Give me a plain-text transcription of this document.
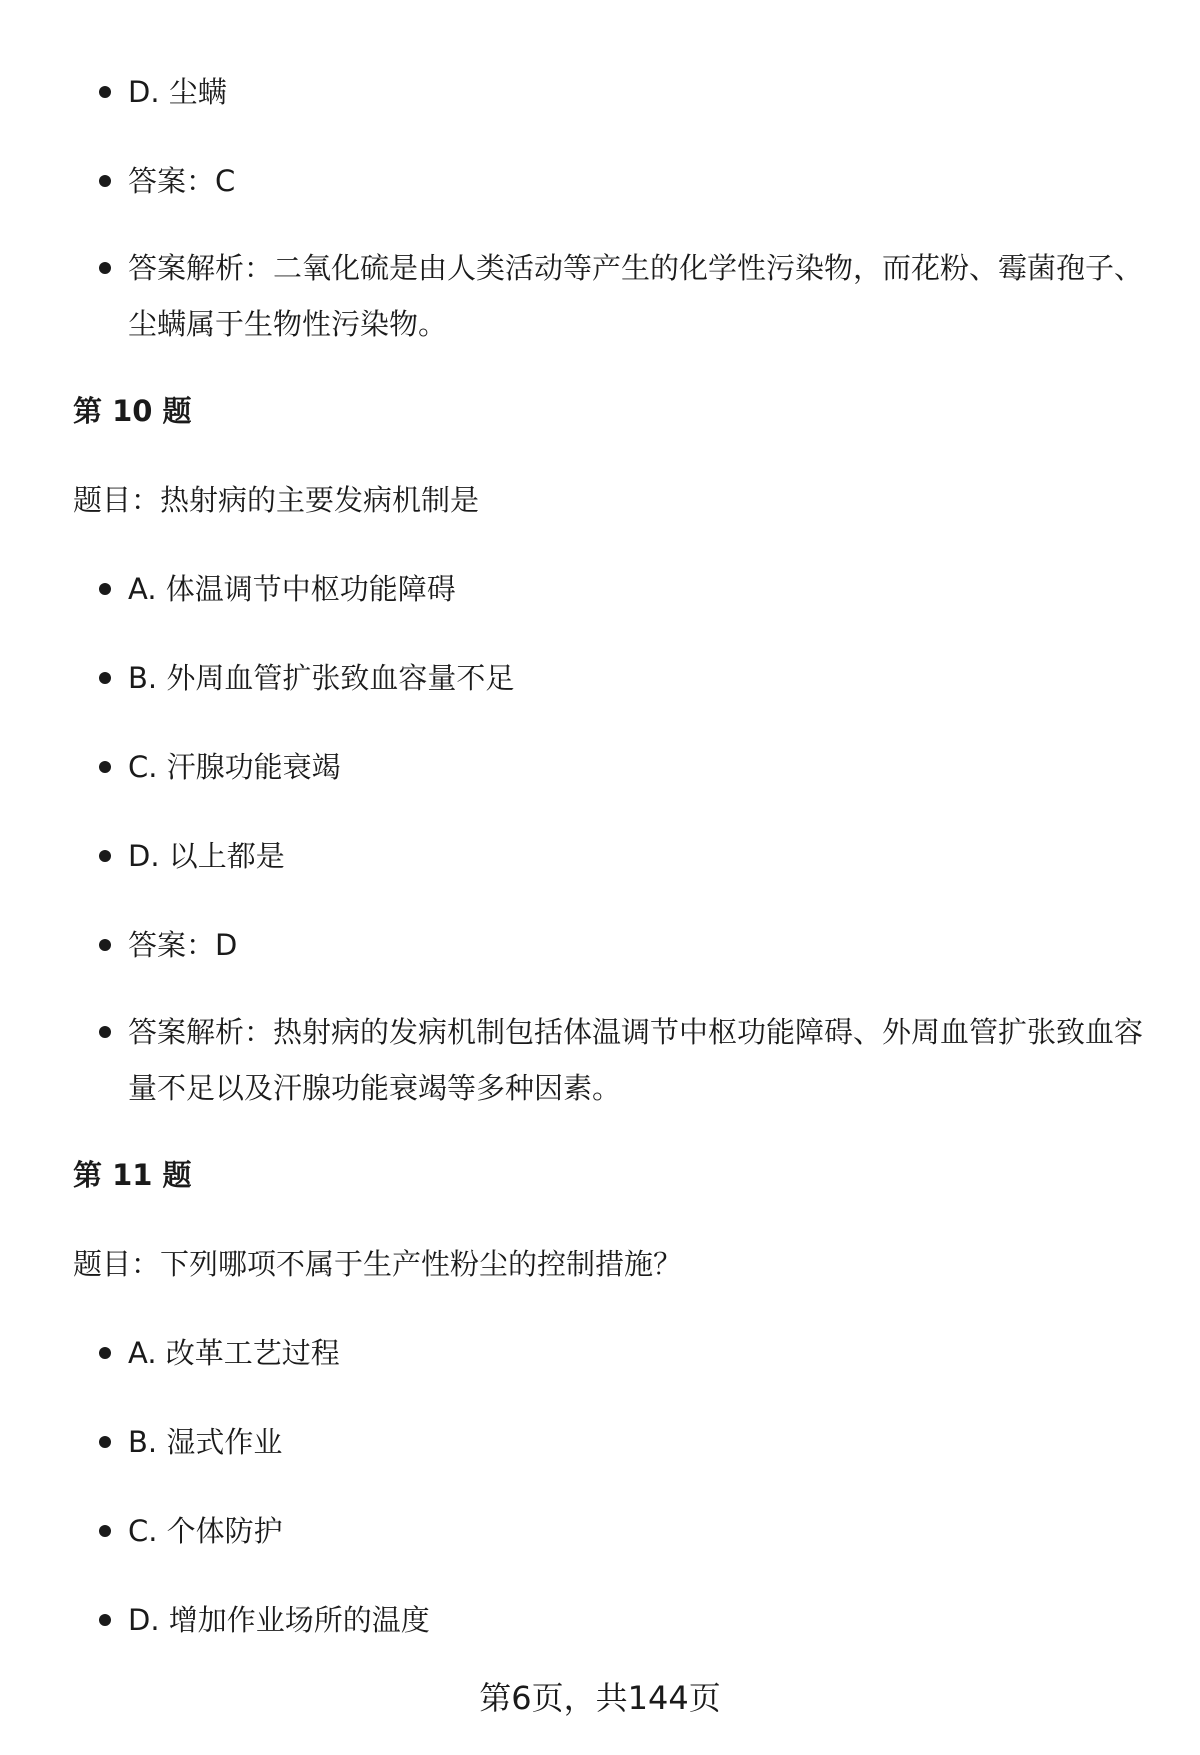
D. 尘螨
答案：C
答案解析：二氧化硫是由人类活动等产生的化学性污染物，而花粉、霉菌孢子、尘螨属于生物性污染物。
第 10 题
题目：热射病的主要发病机制是
A. 体温调节中枢功能障碍
B. 外周血管扩张致血容量不足
C. 汗腺功能衰竭
D. 以上都是
答案：D
答案解析：热射病的发病机制包括体温调节中枢功能障碍、外周血管扩张致血容量不足以及汗腺功能衰竭等多种因素。
第 11 题
题目：下列哪项不属于生产性粉尘的控制措施？
A. 改革工艺过程
B. 湿式作业
C. 个体防护
D. 增加作业场所的温度
第6页，共144页
